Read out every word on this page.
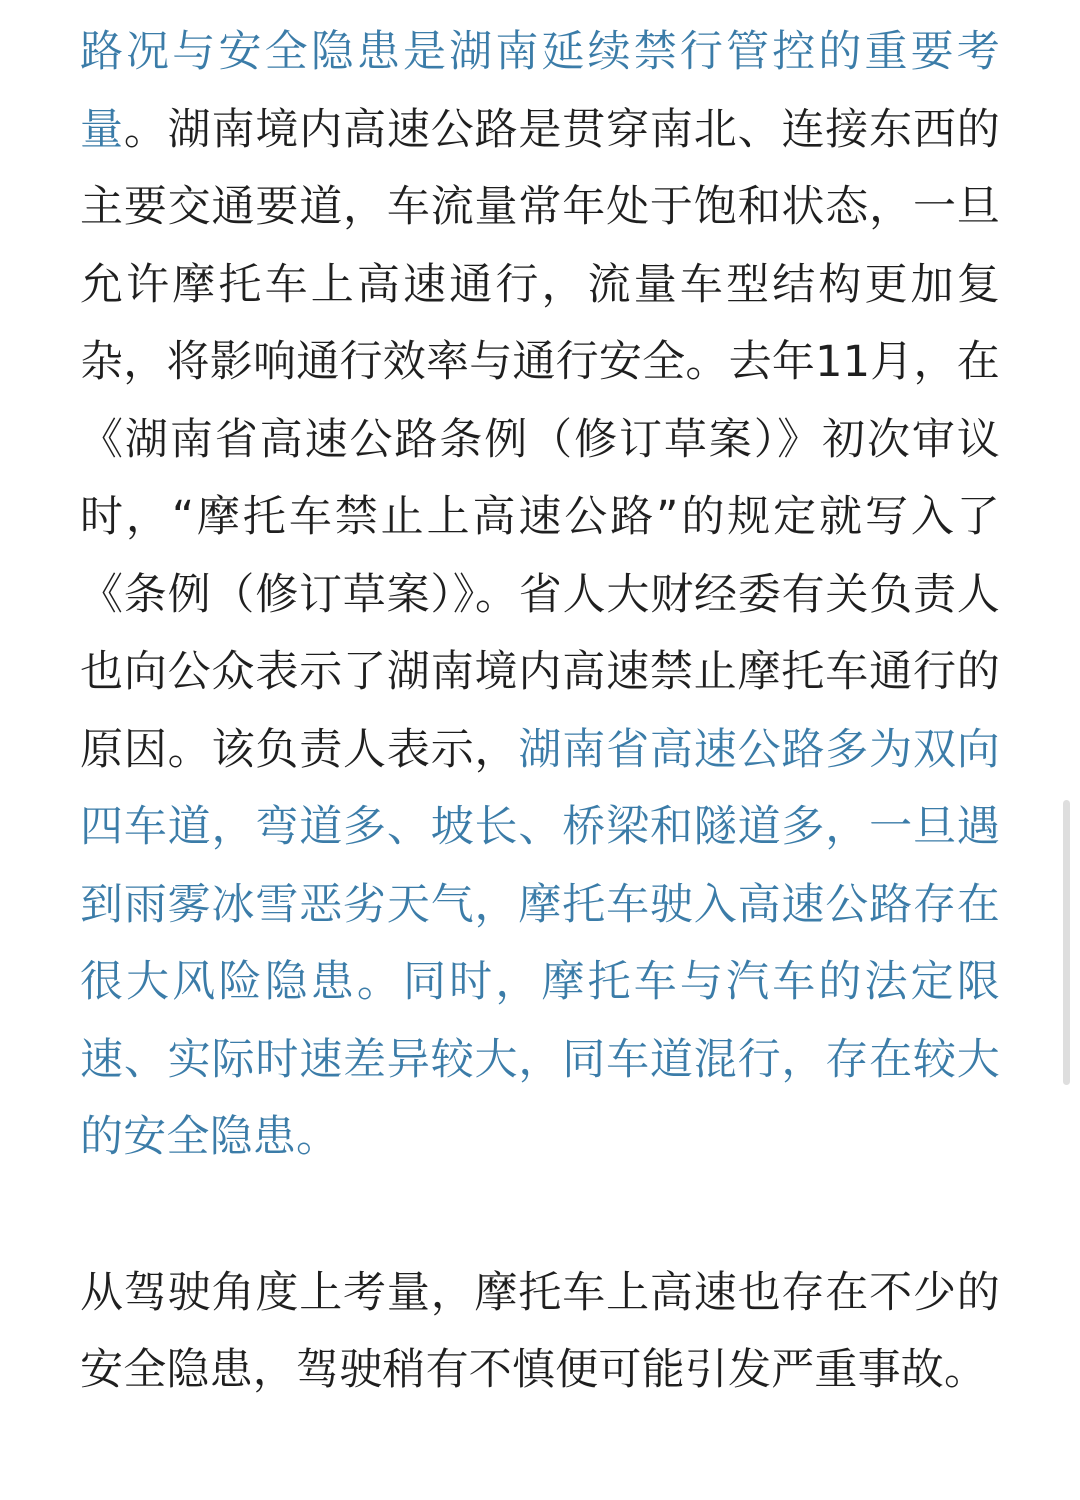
路况与安全隐患是湖南延续禁行管控的重要考量。湖南境内高速公路是贯穿南北、连接东西的主要交通要道，车流量常年处于饱和状态，一旦允许摩托车上高速通行，流量车型结构更加复杂，将影响通行效率与通行安全。去年11月，在《湖南省高速公路条例（修订草案）》初次审议时，“摩托车禁止上高速公路”的规定就写入了《条例（修订草案）》。省人大财经委有关负责人也向公众表示了湖南境内高速禁止摩托车通行的原因。该负责人表示，湖南省高速公路多为双向四车道，弯道多、坡长、桥梁和隧道多，一旦遇到雨雾冰雪恶劣天气，摩托车驶入高速公路存在很大风险隐患。同时，摩托车与汽车的法定限速、实际时速差异较大，同车道混行，存在较大的安全隐患。

从驾驶角度上考量，摩托车上高速也存在不少的安全隐患，驾驶稍有不慎便可能引发严重事故。
